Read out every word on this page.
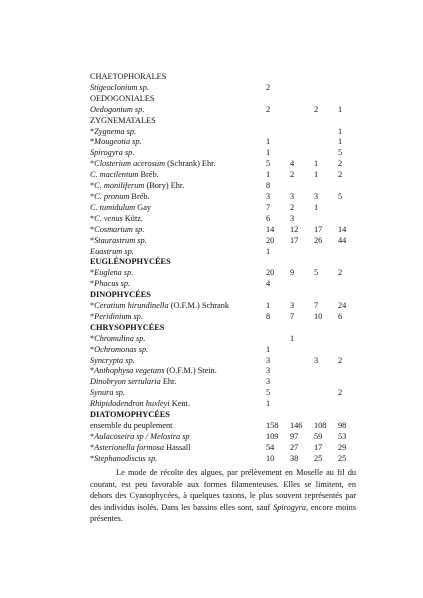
CHAETOPHORALES				
Stigeoclonium sp.	2			
OEDOGONIALES				
Oedogonium sp.	2		2	1
ZYGNEMATALES				
*Zygnema sp.				1
*Mougeotia sp.	1			1
Spirogyra sp.	1			5
*Closterium acerosum (Schrank) Ehr.	5	4	1	2
C. macilentum Bréb.	1	2	1	2
*C. moniliferum (Bory) Ehr.	8			
*C. pronum Bréb.	3	3	3	5
C. tumidulum Gay	7	2	1	
*C. venus Kütz.	6	3		
*Cosmarium sp.	14	12	17	14
*Staurastrum sp.	20	17	26	44
Euastrum sp.	1			
EUGLÉNOPHYCÉES				
*Euglena sp.	20	9	5	2
*Phacus sp.	4			
DINOPHYCÉES				
*Ceratium hirundinella (O.F.M.) Schrank	1	3	7	24
*Peridinium sp.	8	7	10	6
CHRYSOPHYCÉES				
*Chromulina sp.		1		
*Ochromonas sp.	1			
Syncrypta sp.	3		3	2
*Anthophysa vegetans (O.F.M.) Stein.	3			
Dinobryon sertularia Ehr.	3			
Synura sp.	5			2
Rhipidodendron huxleyi Kent.	1			
DIATOMOPHYCÉES				
ensemble du peuplement	158	146	108	98
*Aulacoseira sp / Melosira sp	109	97	59	53
*Asterionella formosa Hassall	54	27	17	29
*Stephanodiscus sp.	10	38	25	25

Le mode de récolte des algues, par prélèvement en Moselle au fil du courant, est peu favorable aux formes filamenteuses. Elles se limitent, en dehors des Cyanophycées, à quelques taxons, le plus souvent représentés par des individus isolés. Dans les bassins elles sont, sauf Spirogyra, encore moins présentes.
